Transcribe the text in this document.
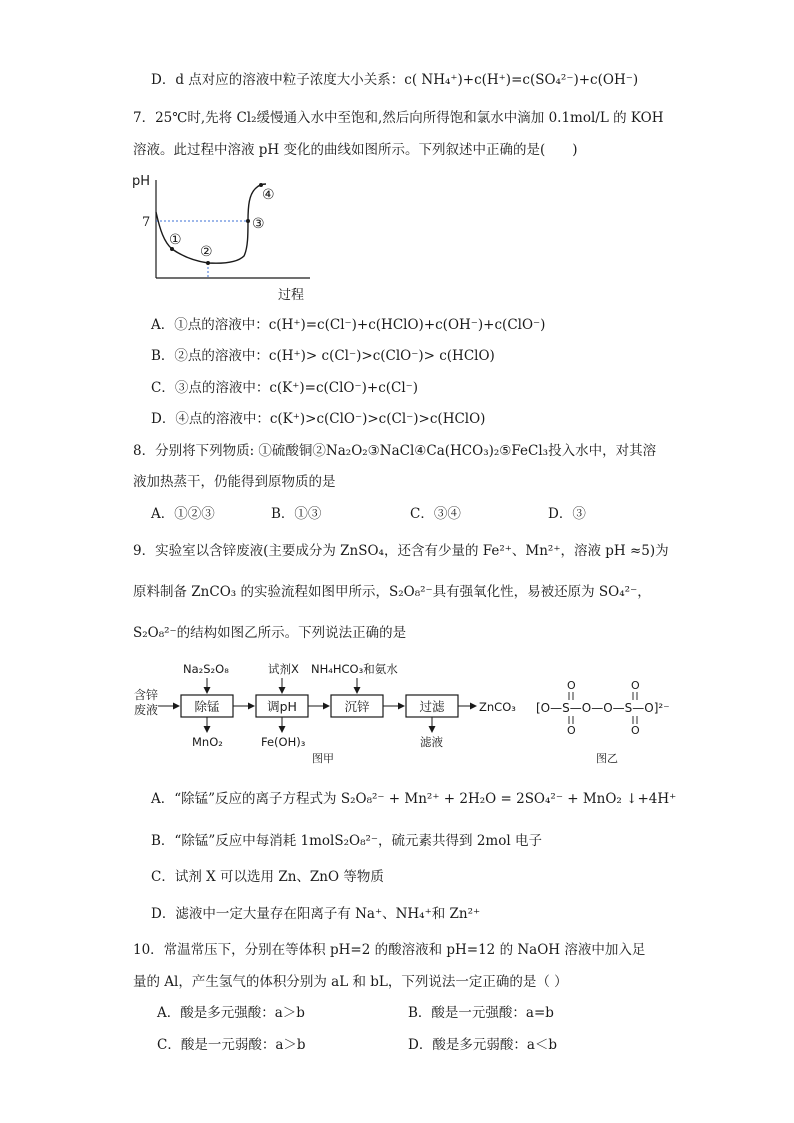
D．d 点对应的溶液中粒子浓度大小关系：c( NH₄⁺)+c(H⁺)=c(SO₄²⁻)+c(OH⁻)
7．25℃时,先将 Cl₂缓慢通入水中至饱和,然后向所得饱和氯水中滴加 0.1mol/L 的 KOH
溶液。此过程中溶液 pH 变化的曲线如图所示。下列叙述中正确的是(　　)
pH
过程
7
①
②
③
④
A．①点的溶液中：c(H⁺)=c(Cl⁻)+c(HClO)+c(OH⁻)+c(ClO⁻)
B．②点的溶液中：c(H⁺)> c(Cl⁻)>c(ClO⁻)> c(HClO)
C．③点的溶液中：c(K⁺)=c(ClO⁻)+c(Cl⁻)
D．④点的溶液中：c(K⁺)>c(ClO⁻)>c(Cl⁻)>c(HClO)
8．分别将下列物质: ①硫酸铜②Na₂O₂③NaCl④Ca(HCO₃)₂⑤FeCl₃投入水中，对其溶
液加热蒸干，仍能得到原物质的是
A．①②③	B．①③	C．③④	D．③
9．实验室以含锌废液(主要成分为 ZnSO₄，还含有少量的 Fe²⁺、Mn²⁺，溶液 pH ≈5)为
原料制备 ZnCO₃ 的实验流程如图甲所示，S₂O₈²⁻具有强氧化性，易被还原为 SO₄²⁻，
S₂O₈²⁻的结构如图乙所示。下列说法正确的是
含锌
废液	除锰
Na₂S₂O₈
MnO₂
调pH
试剂X
Fe(OH)₃
沉锌
NH₄HCO₃和氨水
过滤
滤液
ZnCO₃
图甲
[O—S—O—O—S—O]²⁻
O
O
O
O
图乙
A．“除锰”反应的离子方程式为 S₂O₈²⁻ + Mn²⁺ + 2H₂O = 2SO₄²⁻ + MnO₂ ↓+4H⁺
B．“除锰”反应中每消耗 1molS₂O₈²⁻，硫元素共得到 2mol 电子
C．试剂 X 可以选用 Zn、ZnO 等物质
D．滤液中一定大量存在阳离子有 Na⁺、NH₄⁺和 Zn²⁺
10．常温常压下，分别在等体积 pH=2 的酸溶液和 pH=12 的 NaOH 溶液中加入足
量的 Al，产生氢气的体积分别为 aL 和 bL，下列说法一定正确的是（ ）
A．酸是多元强酸：a＞b	B．酸是一元强酸：a=b
C．酸是一元弱酸：a＞b	D．酸是多元弱酸：a＜b
